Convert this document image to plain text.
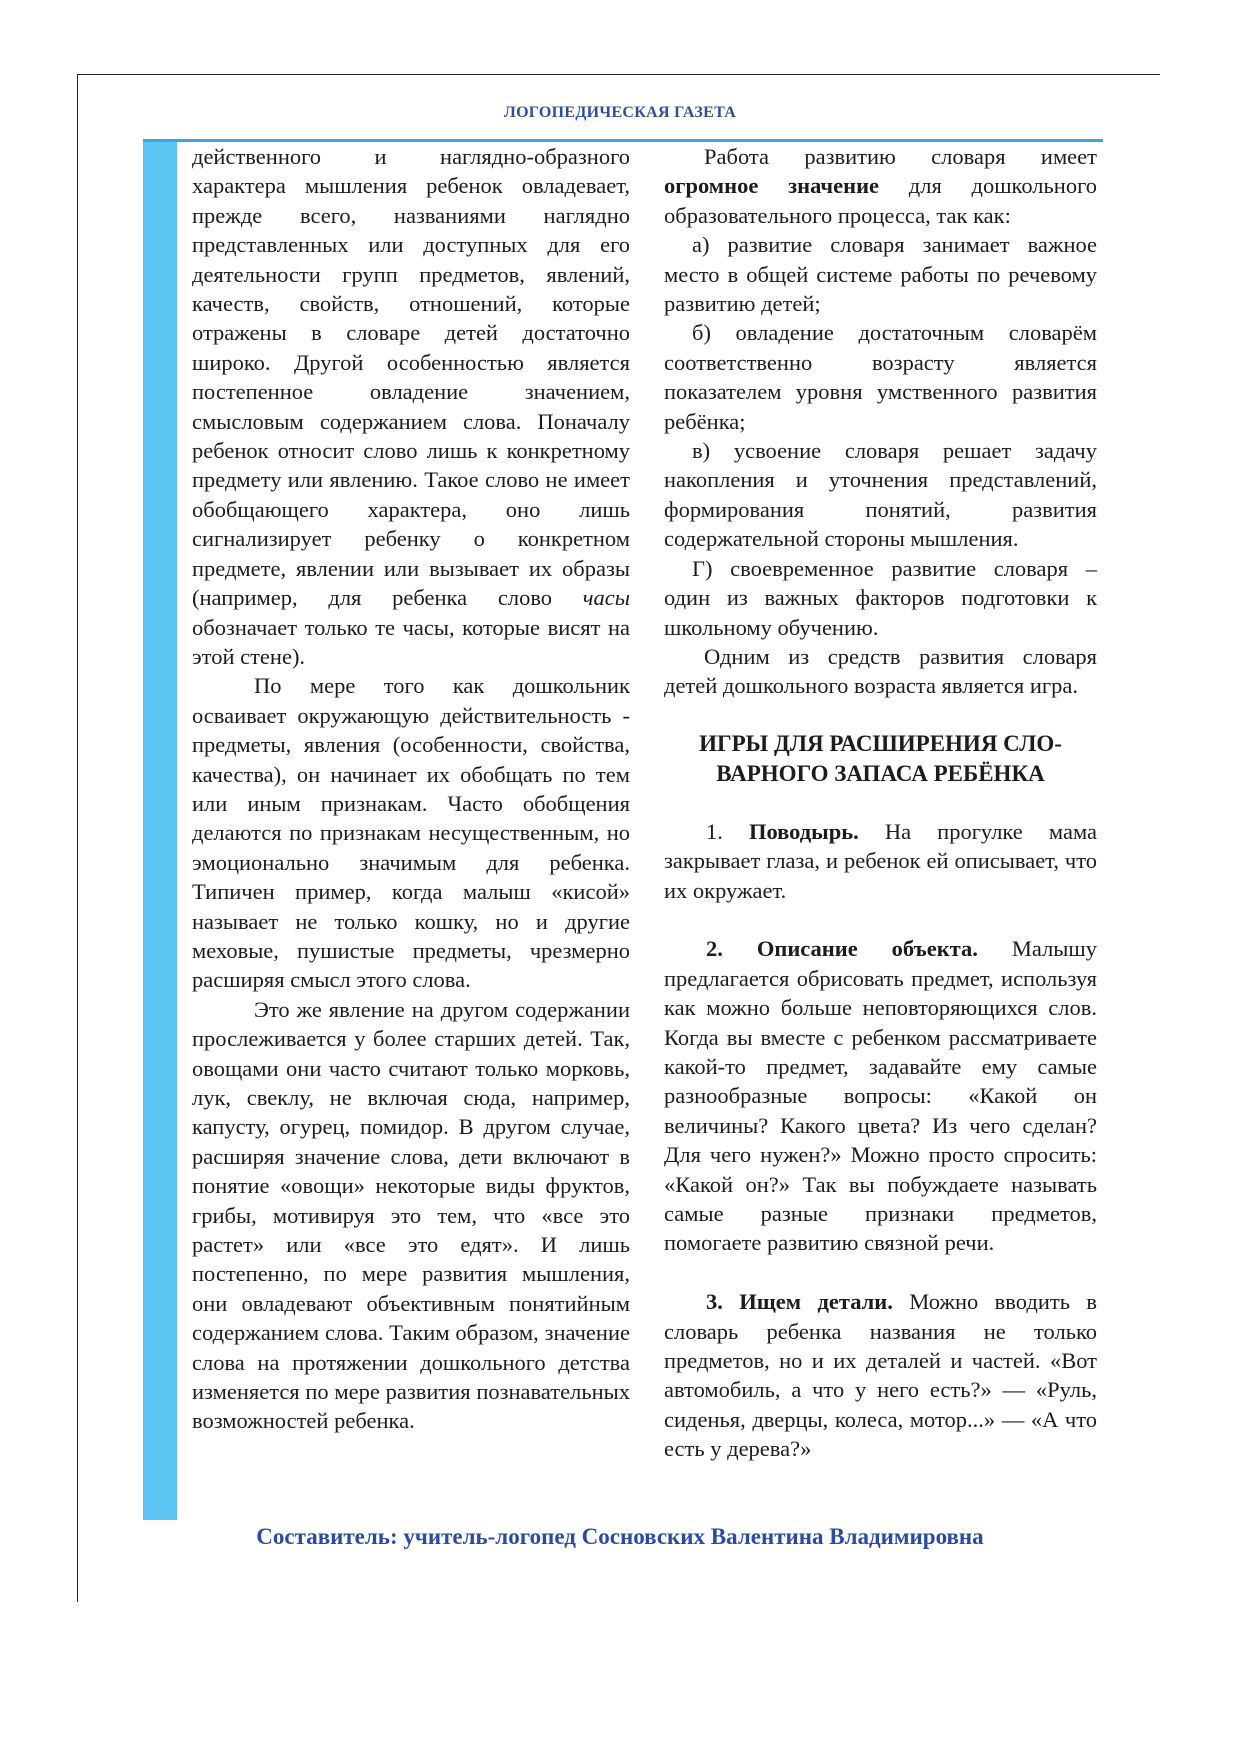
ЛОГОПЕДИЧЕСКАЯ ГАЗЕТА

действенного и наглядно-образного характера мышления ребенок овладевает, прежде всего, названиями наглядно представленных или доступных для его деятельности групп предметов, явлений, качеств, свойств, отношений, которые отражены в словаре детей достаточно широко. Другой особенностью является постепенное овладение значением, смысловым содержанием слова. Поначалу ребенок относит слово лишь к конкретному предмету или явлению. Такое слово не имеет обобщающего характера, оно лишь сигнализирует ребенку о конкретном предмете, явлении или вызывает их образы (например, для ребенка слово часы обозначает только те часы, которые висят на этой стене).

По мере того как дошкольник осваивает окружающую действительность - предметы, явления (особенности, свойства, качества), он начинает их обобщать по тем или иным признакам. Часто обобщения делаются по признакам несущественным, но эмоционально значимым для ребенка. Типичен пример, когда малыш «кисой» называет не только кошку, но и другие меховые, пушистые предметы, чрезмерно расширяя смысл этого слова.

Это же явление на другом содержании прослеживается у более старших детей. Так, овощами они часто считают только морковь, лук, свеклу, не включая сюда, например, капусту, огурец, помидор. В другом случае, расширяя значение слова, дети включают в понятие «овощи» некоторые виды фруктов, грибы, мотивируя это тем, что «все это растет» или «все это едят». И лишь постепенно, по мере развития мышления, они овладевают объективным понятийным содержанием слова. Таким образом, значение слова на протяжении дошкольного детства изменяется по мере развития познавательных возможностей ребенка.

Работа развитию словаря имеет огромное значение для дошкольного образовательного процесса, так как:

а) развитие словаря занимает важное место в общей системе работы по речевому развитию детей;

б) овладение достаточным словарём соответственно возрасту является показателем уровня умственного развития ребёнка;

в) усвоение словаря решает задачу накопления и уточнения представлений, формирования понятий, развития содержательной стороны мышления.

Г) своевременное развитие словаря – один из важных факторов подготовки к школьному обучению.

Одним из средств развития словаря детей дошкольного возраста является игра.

ИГРЫ ДЛЯ РАСШИРЕНИЯ СЛО-
ВАРНОГО ЗАПАСА РЕБЁНКА

1. Поводырь. На прогулке мама закрывает глаза, и ребенок ей описывает, что их окружает.

2. Описание объекта. Малышу предлагается обрисовать предмет, используя как можно больше неповторяющихся слов. Когда вы вместе с ребенком рассматриваете какой-то предмет, задавайте ему самые разнообразные вопросы: «Какой он величины? Какого цвета? Из чего сделан? Для чего нужен?» Можно просто спросить: «Какой он?» Так вы побуждаете называть самые разные признаки предметов, помогаете развитию связной речи.

3. Ищем детали. Можно вводить в словарь ребенка названия не только предметов, но и их деталей и частей. «Вот автомобиль, а что у него есть?» — «Руль, сиденья, дверцы, колеса, мотор...» — «А что есть у дерева?»

Составитель: учитель-логопед Сосновских Валентина Владимировна
